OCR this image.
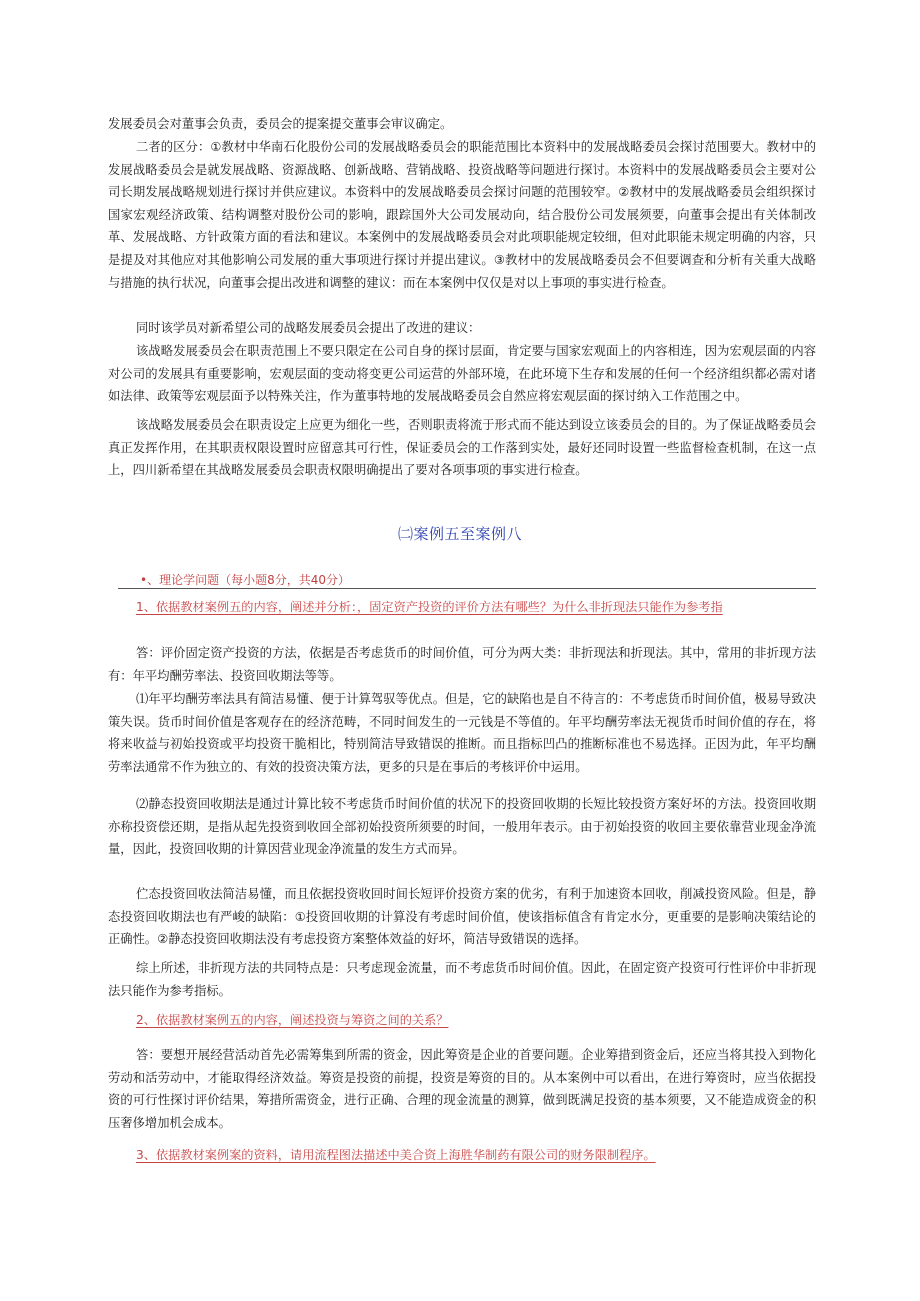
发展委员会对董事会负责，委员会的提案提交董事会审议确定。

二者的区分：①教材中华南石化股份公司的发展战略委员会的职能范围比本资料中的发展战略委员会探讨范围要大。教材中的发展战略委员会是就发展战略、资源战略、创新战略、营销战略、投资战略等问题进行探讨。本资料中的发展战略委员会主要对公司长期发展战略规划进行探讨并供应建议。本资料中的发展战略委员会探讨问题的范围较窄。②教材中的发展战略委员会组织探讨国家宏观经济政策、结构调整对股份公司的影响，跟踪国外大公司发展动向，结合股份公司发展须要，向董事会提出有关体制改革、发展战略、方针政策方面的看法和建议。本案例中的发展战略委员会对此项职能规定较细，但对此职能未规定明确的内容，只是提及对其他应对其他影响公司发展的重大事项进行探讨并提出建议。③教材中的发展战略委员会不但要调查和分析有关重大战略与措施的执行状况，向董事会提出改进和调整的建议：而在本案例中仅仅是对以上事项的事实进行检查。

同时该学员对新希望公司的战略发展委员会提出了改进的建议：

该战略发展委员会在职责范围上不要只限定在公司自身的探讨层面，肯定要与国家宏观面上的内容相连，因为宏观层面的内容对公司的发展具有重要影响，宏观层面的变动将变更公司运营的外部环境，在此环境下生存和发展的任何一个经济组织都必需对诸如法律、政策等宏观层面予以特殊关注，作为董事特地的发展战略委员会自然应将宏观层面的探讨纳入工作范围之中。

该战略发展委员会在职责设定上应更为细化一些，否则职责将流于形式而不能达到设立该委员会的目的。为了保证战略委员会真正发挥作用，在其职责权限设置时应留意其可行性，保证委员会的工作落到实处，最好还同时设置一些监督检查机制，在这一点上，四川新希望在其战略发展委员会职责权限明确提出了要对各项事项的事实进行检查。

㈡案例五至案例八
•、理论学问题（每小题8分，共40分）
1、依据教材案例五的内容，阐述并分析：，固定资产投资的评价方法有哪些？为什么非折现法只能作为参考指

答：评价固定资产投资的方法，依据是否考虑货币的时间价值，可分为两大类：非折现法和折现法。其中，常用的非折现方法有：年平均酬劳率法、投资回收期法等等。

⑴年平均酬劳率法具有简洁易懂、便于计算驾驭等优点。但是，它的缺陷也是自不待言的：不考虑货币时间价值，极易导致决策失误。货币时间价值是客观存在的经济范畴，不同时间发生的一元钱是不等值的。年平均酬劳率法无视货币时间价值的存在，将将来收益与初始投资或平均投资干脆相比，特别简洁导致错误的推断。而且指标凹凸的推断标准也不易选择。正因为此，年平均酬劳率法通常不作为独立的、有效的投资决策方法，更多的只是在事后的考核评价中运用。

⑵静态投资回收期法是通过计算比较不考虑货币时间价值的状况下的投资回收期的长短比较投资方案好坏的方法。投资回收期亦称投资偿还期，是指从起先投资到收回全部初始投资所须要的时间，一般用年表示。由于初始投资的收回主要依靠营业现金净流量，因此，投资回收期的计算因营业现金净流量的发生方式而异。

伫态投资回收法简洁易懂，而且依据投资收回时间长短评价投资方案的优劣，有利于加速资本回收，削减投资风险。但是，静态投资回收期法也有严峻的缺陷：①投资回收期的计算没有考虑时间价值，使该指标值含有肯定水分，更重要的是影响决策结论的正确性。②静态投资回收期法没有考虑投资方案整体效益的好坏，简洁导致错误的选择。

综上所述，非折现方法的共同特点是：只考虑现金流量，而不考虑货币时间价值。因此，在固定资产投资可行性评价中非折现法只能作为参考指标。

2、依据教材案例五的内容，阐述投资与筹资之间的关系？

答：要想开展经营活动首先必需筹集到所需的资金，因此筹资是企业的首要问题。企业筹措到资金后，还应当将其投入到物化劳动和活劳动中，才能取得经济效益。筹资是投资的前提，投资是筹资的目的。从本案例中可以看出，在进行筹资时，应当依据投资的可行性探讨评价结果，筹措所需资金，进行正确、合理的现金流量的测算，做到既满足投资的基本须要，又不能造成资金的积压奢侈增加机会成本。

3、依据教材案例案的资料，请用流程图法描述中美合资上海胜华制药有限公司的财务限制程序。
